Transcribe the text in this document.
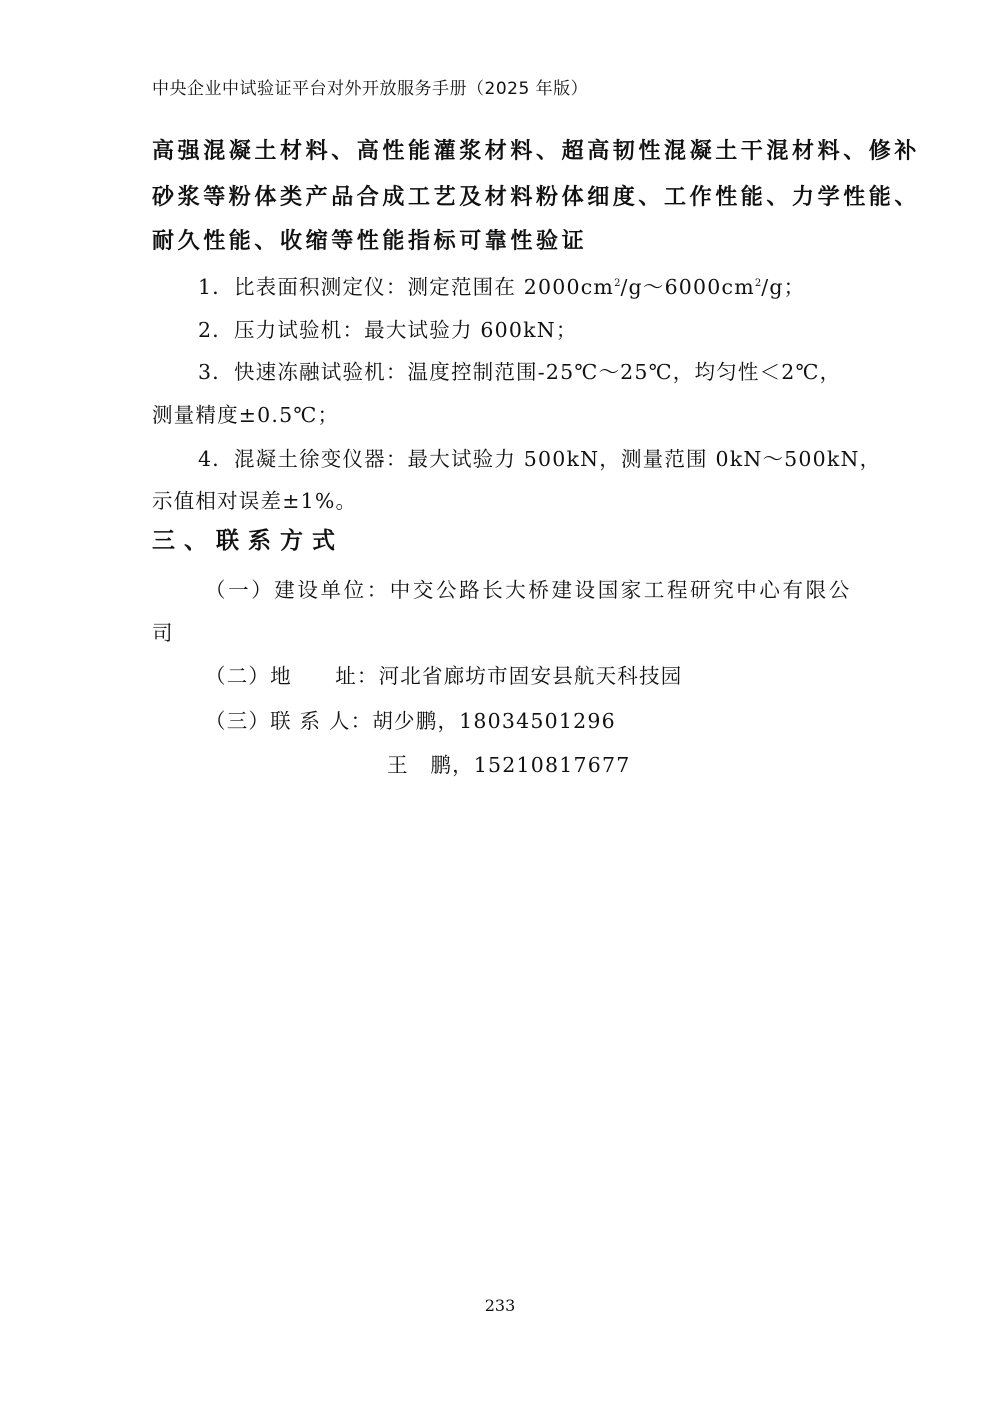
中央企业中试验证平台对外开放服务手册（2025 年版）
高强混凝土材料、高性能灌浆材料、超高韧性混凝土干混材料、修补
砂浆等粉体类产品合成工艺及材料粉体细度、工作性能、力学性能、
耐久性能、收缩等性能指标可靠性验证
1．比表面积测定仪：测定范围在 $2000cm^2/g\sim 6000cm^2/g$；
2．压力试验机：最大试验力 600kN；
3．快速冻融试验机：温度控制范围-25℃～25℃，均匀性＜2℃，
测量精度±0.5℃；
4．混凝土徐变仪器：最大试验力 500kN，测量范围 0kN～500kN，
示值相对误差±1%。
三、联系方式
（一）建设单位：中交公路长大桥建设国家工程研究中心有限公
司
（二）地　　址：河北省廊坊市固安县航天科技园
（三）联 系 人：胡少鹏，18034501296
王　鹏，15210817677
233
